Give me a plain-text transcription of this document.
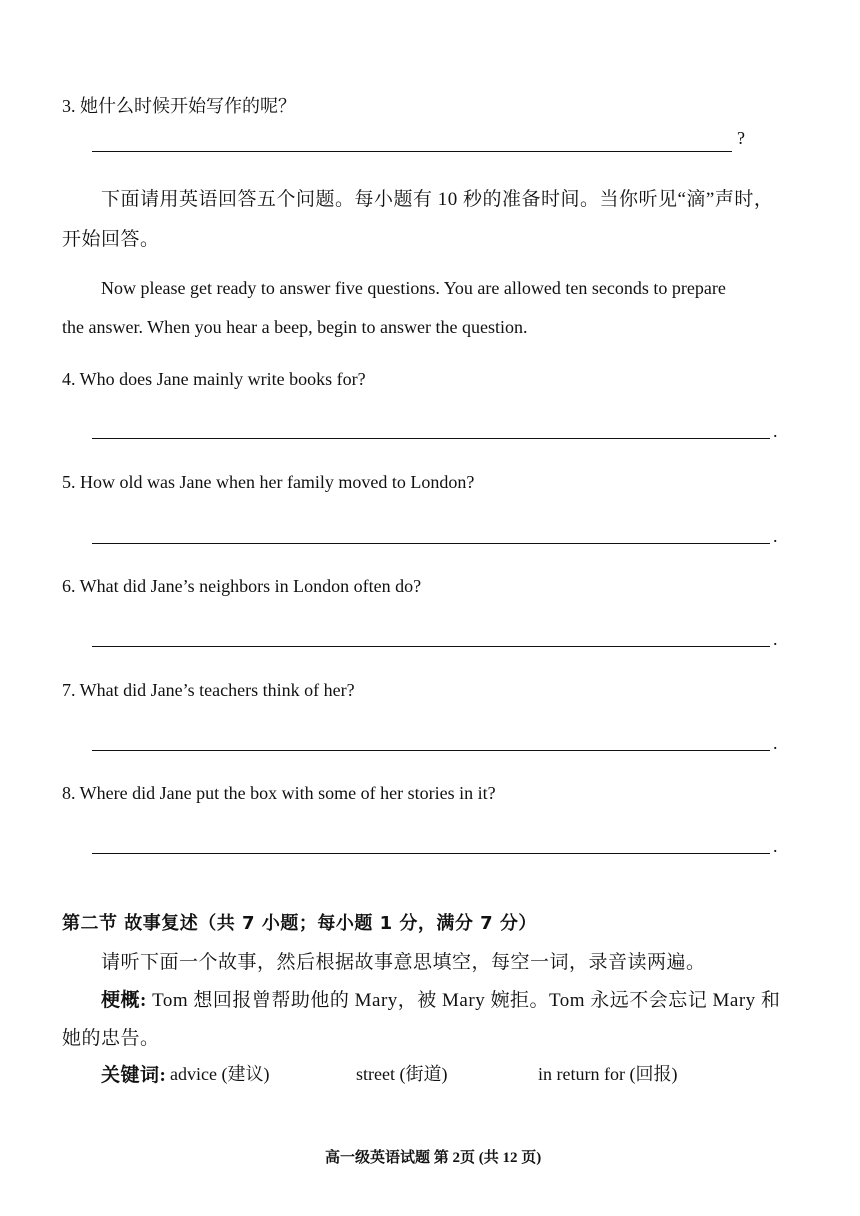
3. 她什么时候开始写作的呢？
?
下面请用英语回答五个问题。每小题有 10 秒的准备时间。当你听见“滴”声时，
开始回答。
Now please get ready to answer five questions. You are allowed ten seconds to prepare
the answer. When you hear a beep, begin to answer the question.
4. Who does Jane mainly write books for?
.
5. How old was Jane when her family moved to London?
.
6. What did Jane’s neighbors in London often do?
.
7. What did Jane’s teachers think of her?
.
8. Where did Jane put the box with some of her stories in it?
.
第二节 故事复述（共 7 小题；每小题 1 分，满分 7 分）
请听下面一个故事，然后根据故事意思填空，每空一词，录音读两遍。
梗概: Tom 想回报曾帮助他的 Mary，被 Mary 婉拒。Tom 永远不会忘记 Mary 和
她的忠告。
关键词: advice (建议)	street (街道)	in return for (回报)
高一级英语试题 第 2页 (共 12 页)
